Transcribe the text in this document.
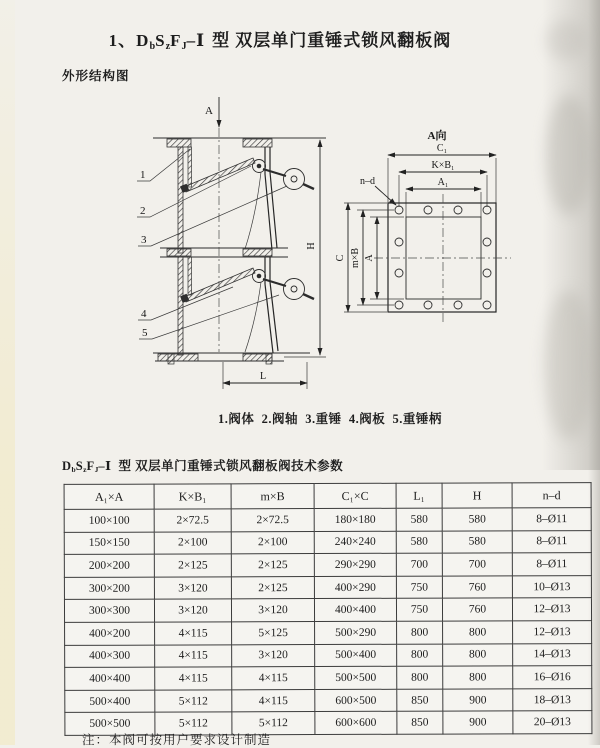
1、$D_bS_zF_J-Ⅰ$ 型 双层单门重锤式锁风翻板阀
外形结构图
A
H
L
1
2
3
4
5
A向
C₁
K×B₁
A₁
n–d
C m×B A
1.阀体  2.阀轴  3.重锤  4.阀板  5.重锤柄
$D_bS_zF_J-Ⅰ$ 型 双层单门重锤式锁风翻板阀技术参数
A₁×A	K×B₁	m×B	C₁×C	L₁	H	n–d
100×100	2×72.5	2×72.5	180×180	580	580	8–Ø11
150×150	2×100	2×100	240×240	580	580	8–Ø11
200×200	2×125	2×125	290×290	700	700	8–Ø11
300×200	3×120	2×125	400×290	750	760	10–Ø13
300×300	3×120	3×120	400×400	750	760	12–Ø13
400×200	4×115	5×125	500×290	800	800	12–Ø13
400×300	4×115	3×120	500×400	800	800	14–Ø13
400×400	4×115	4×115	500×500	800	800	16–Ø16
500×400	5×112	4×115	600×500	850	900	18–Ø13
500×500	5×112	5×112	600×600	850	900	20–Ø13
注：本阀可按用户要求设计制造
